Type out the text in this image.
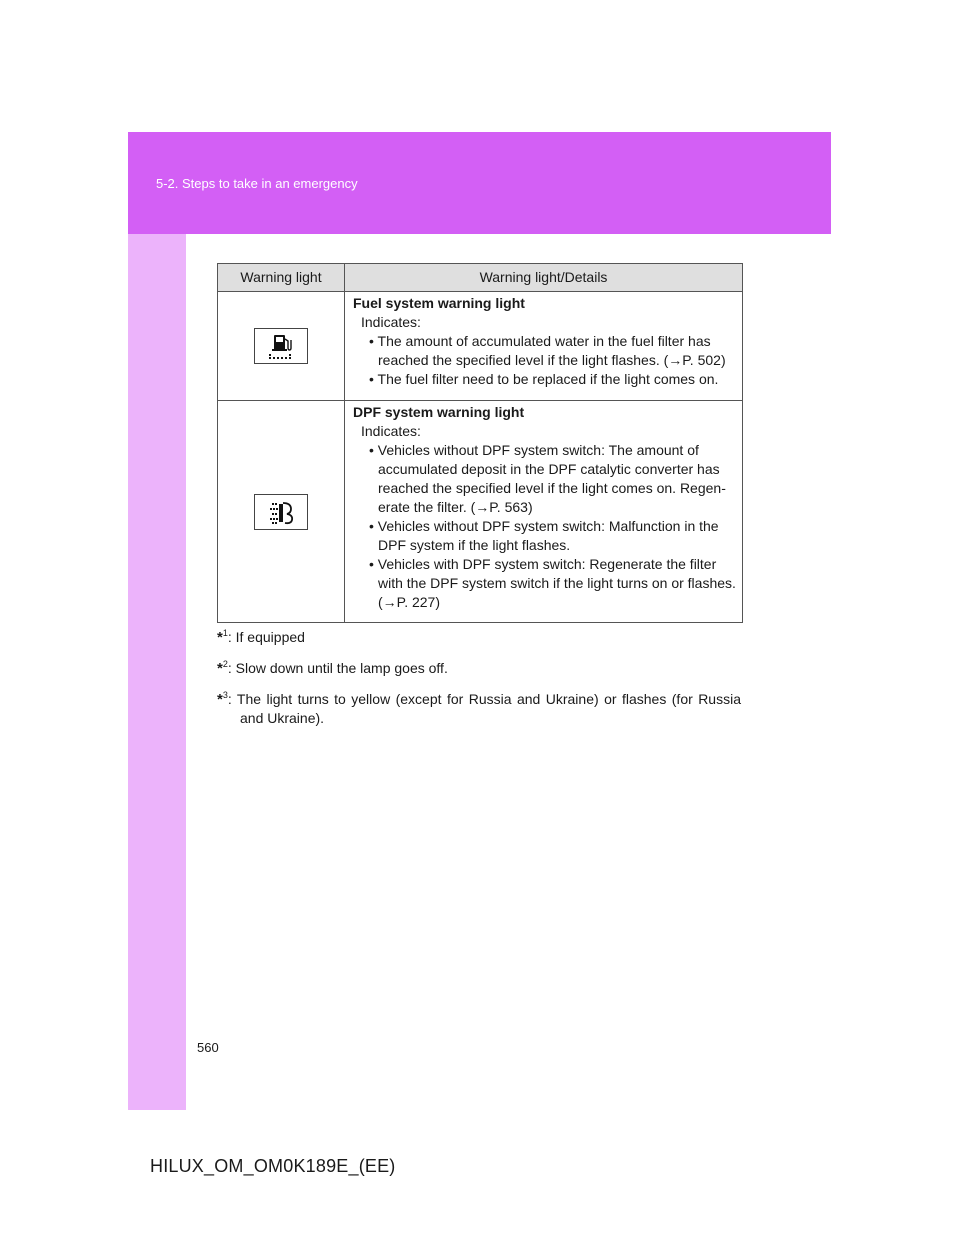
5-2. Steps to take in an emergency
Warning light	Warning light/Details

Fuel system warning light
Indicates:
• The amount of accumulated water in the fuel filter has reached the specified level if the light flashes. (→P. 502)
• The fuel filter need to be replaced if the light comes on.

DPF system warning light
Indicates:
• Vehicles without DPF system switch: The amount of accumulated deposit in the DPF catalytic converter has reached the specified level if the light comes on. Regen-erate the filter. (→P. 563)
• Vehicles without DPF system switch: Malfunction in the DPF system if the light flashes.
• Vehicles with DPF system switch: Regenerate the filter with the DPF system switch if the light turns on or flashes. (→P. 227)
*$^1$: If equipped
*$^2$: Slow down until the lamp goes off.
*$^3$: The light turns to yellow (except for Russia and Ukraine) or flashes (for Russia and Ukraine).
560
HILUX_OM_OM0K189E_(EE)
